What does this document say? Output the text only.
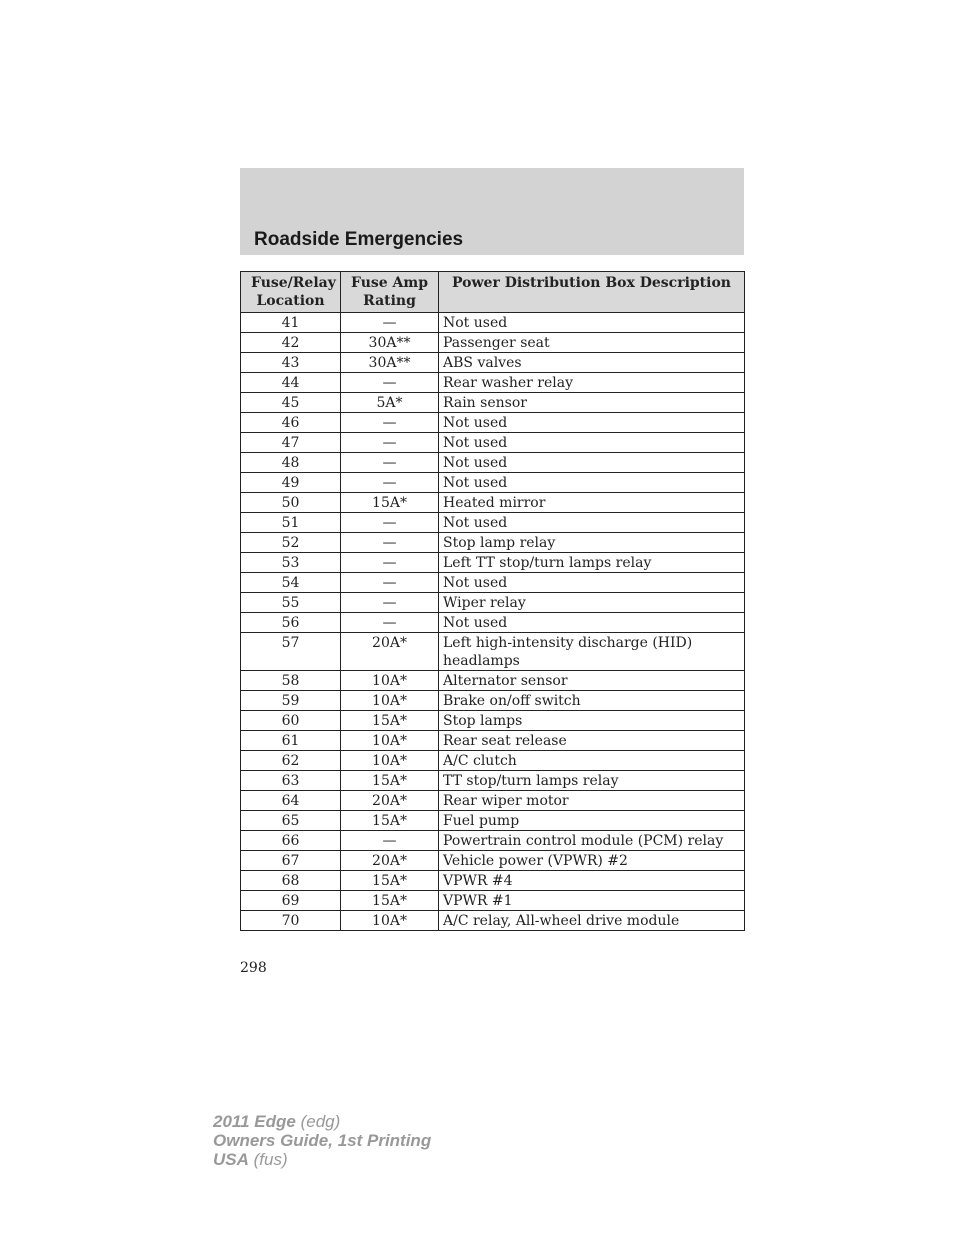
Roadside Emergencies
Fuse/Relay Location	Fuse Amp Rating	Power Distribution Box Description
41	—	Not used
42	30A**	Passenger seat
43	30A**	ABS valves
44	—	Rear washer relay
45	5A*	Rain sensor
46	—	Not used
47	—	Not used
48	—	Not used
49	—	Not used
50	15A*	Heated mirror
51	—	Not used
52	—	Stop lamp relay
53	—	Left TT stop/turn lamps relay
54	—	Not used
55	—	Wiper relay
56	—	Not used
57	20A*	Left high-intensity discharge (HID) headlamps
58	10A*	Alternator sensor
59	10A*	Brake on/off switch
60	15A*	Stop lamps
61	10A*	Rear seat release
62	10A*	A/C clutch
63	15A*	TT stop/turn lamps relay
64	20A*	Rear wiper motor
65	15A*	Fuel pump
66	—	Powertrain control module (PCM) relay
67	20A*	Vehicle power (VPWR) #2
68	15A*	VPWR #4
69	15A*	VPWR #1
70	10A*	A/C relay, All-wheel drive module
298
2011 Edge (edg)
Owners Guide, 1st Printing
USA (fus)
